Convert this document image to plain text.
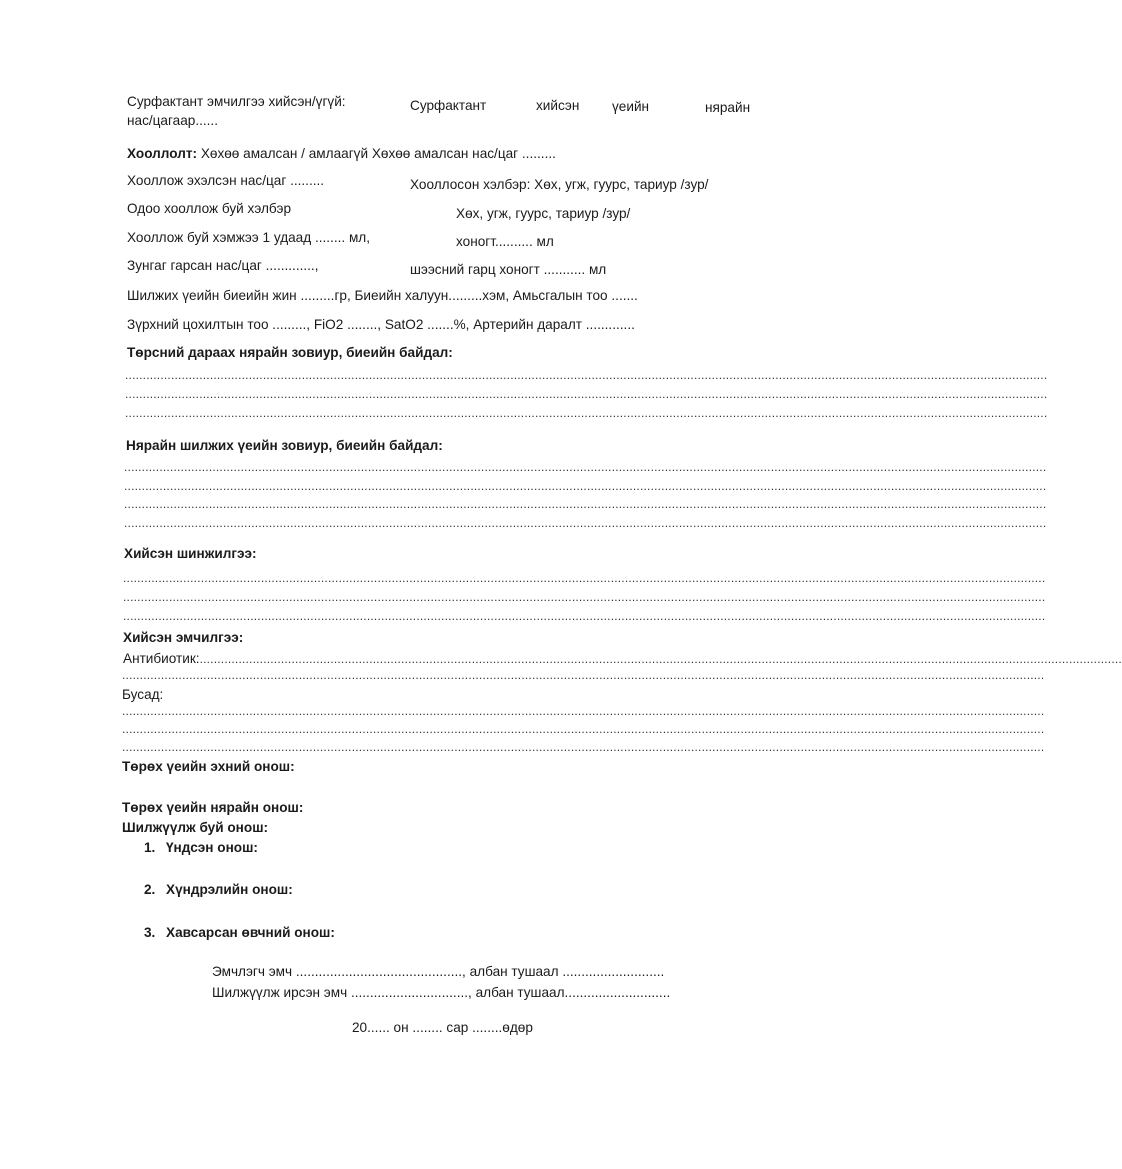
Сурфактант эмчилгээ хийсэн/үгүй:	Сурфактант	хийсэн үеийн	нярайн
нас/цагаар......
Хооллолт: Хөхөө амалсан / амлаагүй Хөхөө амалсан нас/цаг .........
Хооллож эхэлсэн нас/цаг .........	Хооллосон хэлбэр: Хөх, угж, гуурс, тариур /зур/
Одоо хооллож буй хэлбэр	Хөх, угж, гуурс, тариур /зур/
Хооллож буй хэмжээ 1 удаад ........ мл,	хоногт.......... мл
Зунгаг гарсан нас/цаг .............,	шээсний гарц хоногт ........... мл
Шилжих үеийн биеийн жин .........гр, Биеийн халуун.........хэм, Амьсгалын тоо .......
Зүрхний цохилтын тоо ........., FiO2 ........, SatO2 .......%, Артерийн даралт .............
Төрсний дараах нярайн зовиур, биеийн байдал:
.....................................................................................................................................................................................................................................................................
.....................................................................................................................................................................................................................................................................
.....................................................................................................................................................................................................................................................................
Нярайн шилжих үеийн зовиур, биеийн байдал:
.....................................................................................................................................................................................................................................................................
.....................................................................................................................................................................................................................................................................
.....................................................................................................................................................................................................................................................................
.....................................................................................................................................................................................................................................................................
Хийсэн шинжилгээ:
.....................................................................................................................................................................................................................................................................
.....................................................................................................................................................................................................................................................................
.....................................................................................................................................................................................................................................................................
Хийсэн эмчилгээ:
Антибиотик:.....................................................................................................................................................................................................................................................................
.....................................................................................................................................................................................................................................................................
Бусад:
.....................................................................................................................................................................................................................................................................
.....................................................................................................................................................................................................................................................................
.....................................................................................................................................................................................................................................................................
Төрөх үеийн эхний онош:
Төрөх үеийн нярайн онош:
Шилжүүлж буй онош:
1. Үндсэн онош:
2. Хүндрэлийн онош:
3. Хавсарсан өвчний онош:
Эмчлэгч эмч ............................................, албан тушаал ...........................
Шилжүүлж ирсэн эмч ..............................., албан тушаал............................
20...... он ........ сар ........өдөр
